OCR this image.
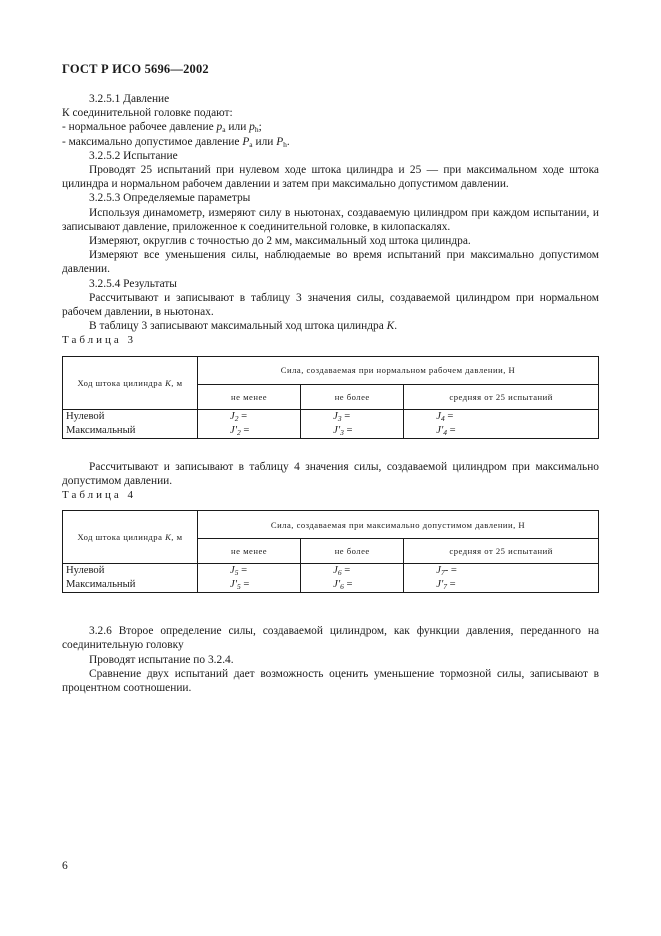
ГОСТ Р ИСО 5696—2002

3.2.5.1 Давление

К соединительной головке подают:

- нормальное рабочее давление $p_a$ или $p_h$;

- максимально допустимое давление $P_a$ или $P_h$.

3.2.5.2 Испытание

Проводят 25 испытаний при нулевом ходе штока цилиндра и 25 — при максимальном ходе штока цилиндра и нормальном рабочем давлении и затем при максимально допустимом давлении.

3.2.5.3 Определяемые параметры

Используя динамометр, измеряют силу в ньютонах, создаваемую цилиндром при каждом испытании, и записывают давление, приложенное к соединительной головке, в килопаскалях.

Измеряют, округлив с точностью до 2 мм, максимальный ход штока цилиндра.

Измеряют все уменьшения силы, наблюдаемые во время испытаний при максимально допустимом давлении.

3.2.5.4 Результаты

Рассчитывают и записывают в таблицу 3 значения силы, создаваемой цилиндром при нормальном рабочем давлении, в ньютонах.

В таблицу 3 записывают максимальный ход штока цилиндра K.

Таблица 3

Ход штока цилиндра K, м	Сила, создаваемая при нормальном рабочем давлении, Н		
	не менее	не более	средняя от 25 испытаний
Нулевой	$J_2$ =	$J_3$ =	$J_4$ =
Максимальный	$J'_2$ =	$J'_3$ =	$J'_4$ =

Рассчитывают и записывают в таблицу 4 значения силы, создаваемой цилиндром при максимально допустимом давлении.

Таблица 4

Ход штока цилиндра K, м	Сила, создаваемая при максимально допустимом давлении, Н		
	не менее	не более	средняя от 25 испытаний
Нулевой	$J_5$ =	$J_6$ =	$J_7-$ =
Максимальный	$J'_5$ =	$J'_6$ =	$J'_7$ =

3.2.6 Второе определение силы, создаваемой цилиндром, как функции давления, переданного на соединительную головку

Проводят испытание по 3.2.4.

Сравнение двух испытаний дает возможность оценить уменьшение тормозной силы, записывают в процентном соотношении.

6
